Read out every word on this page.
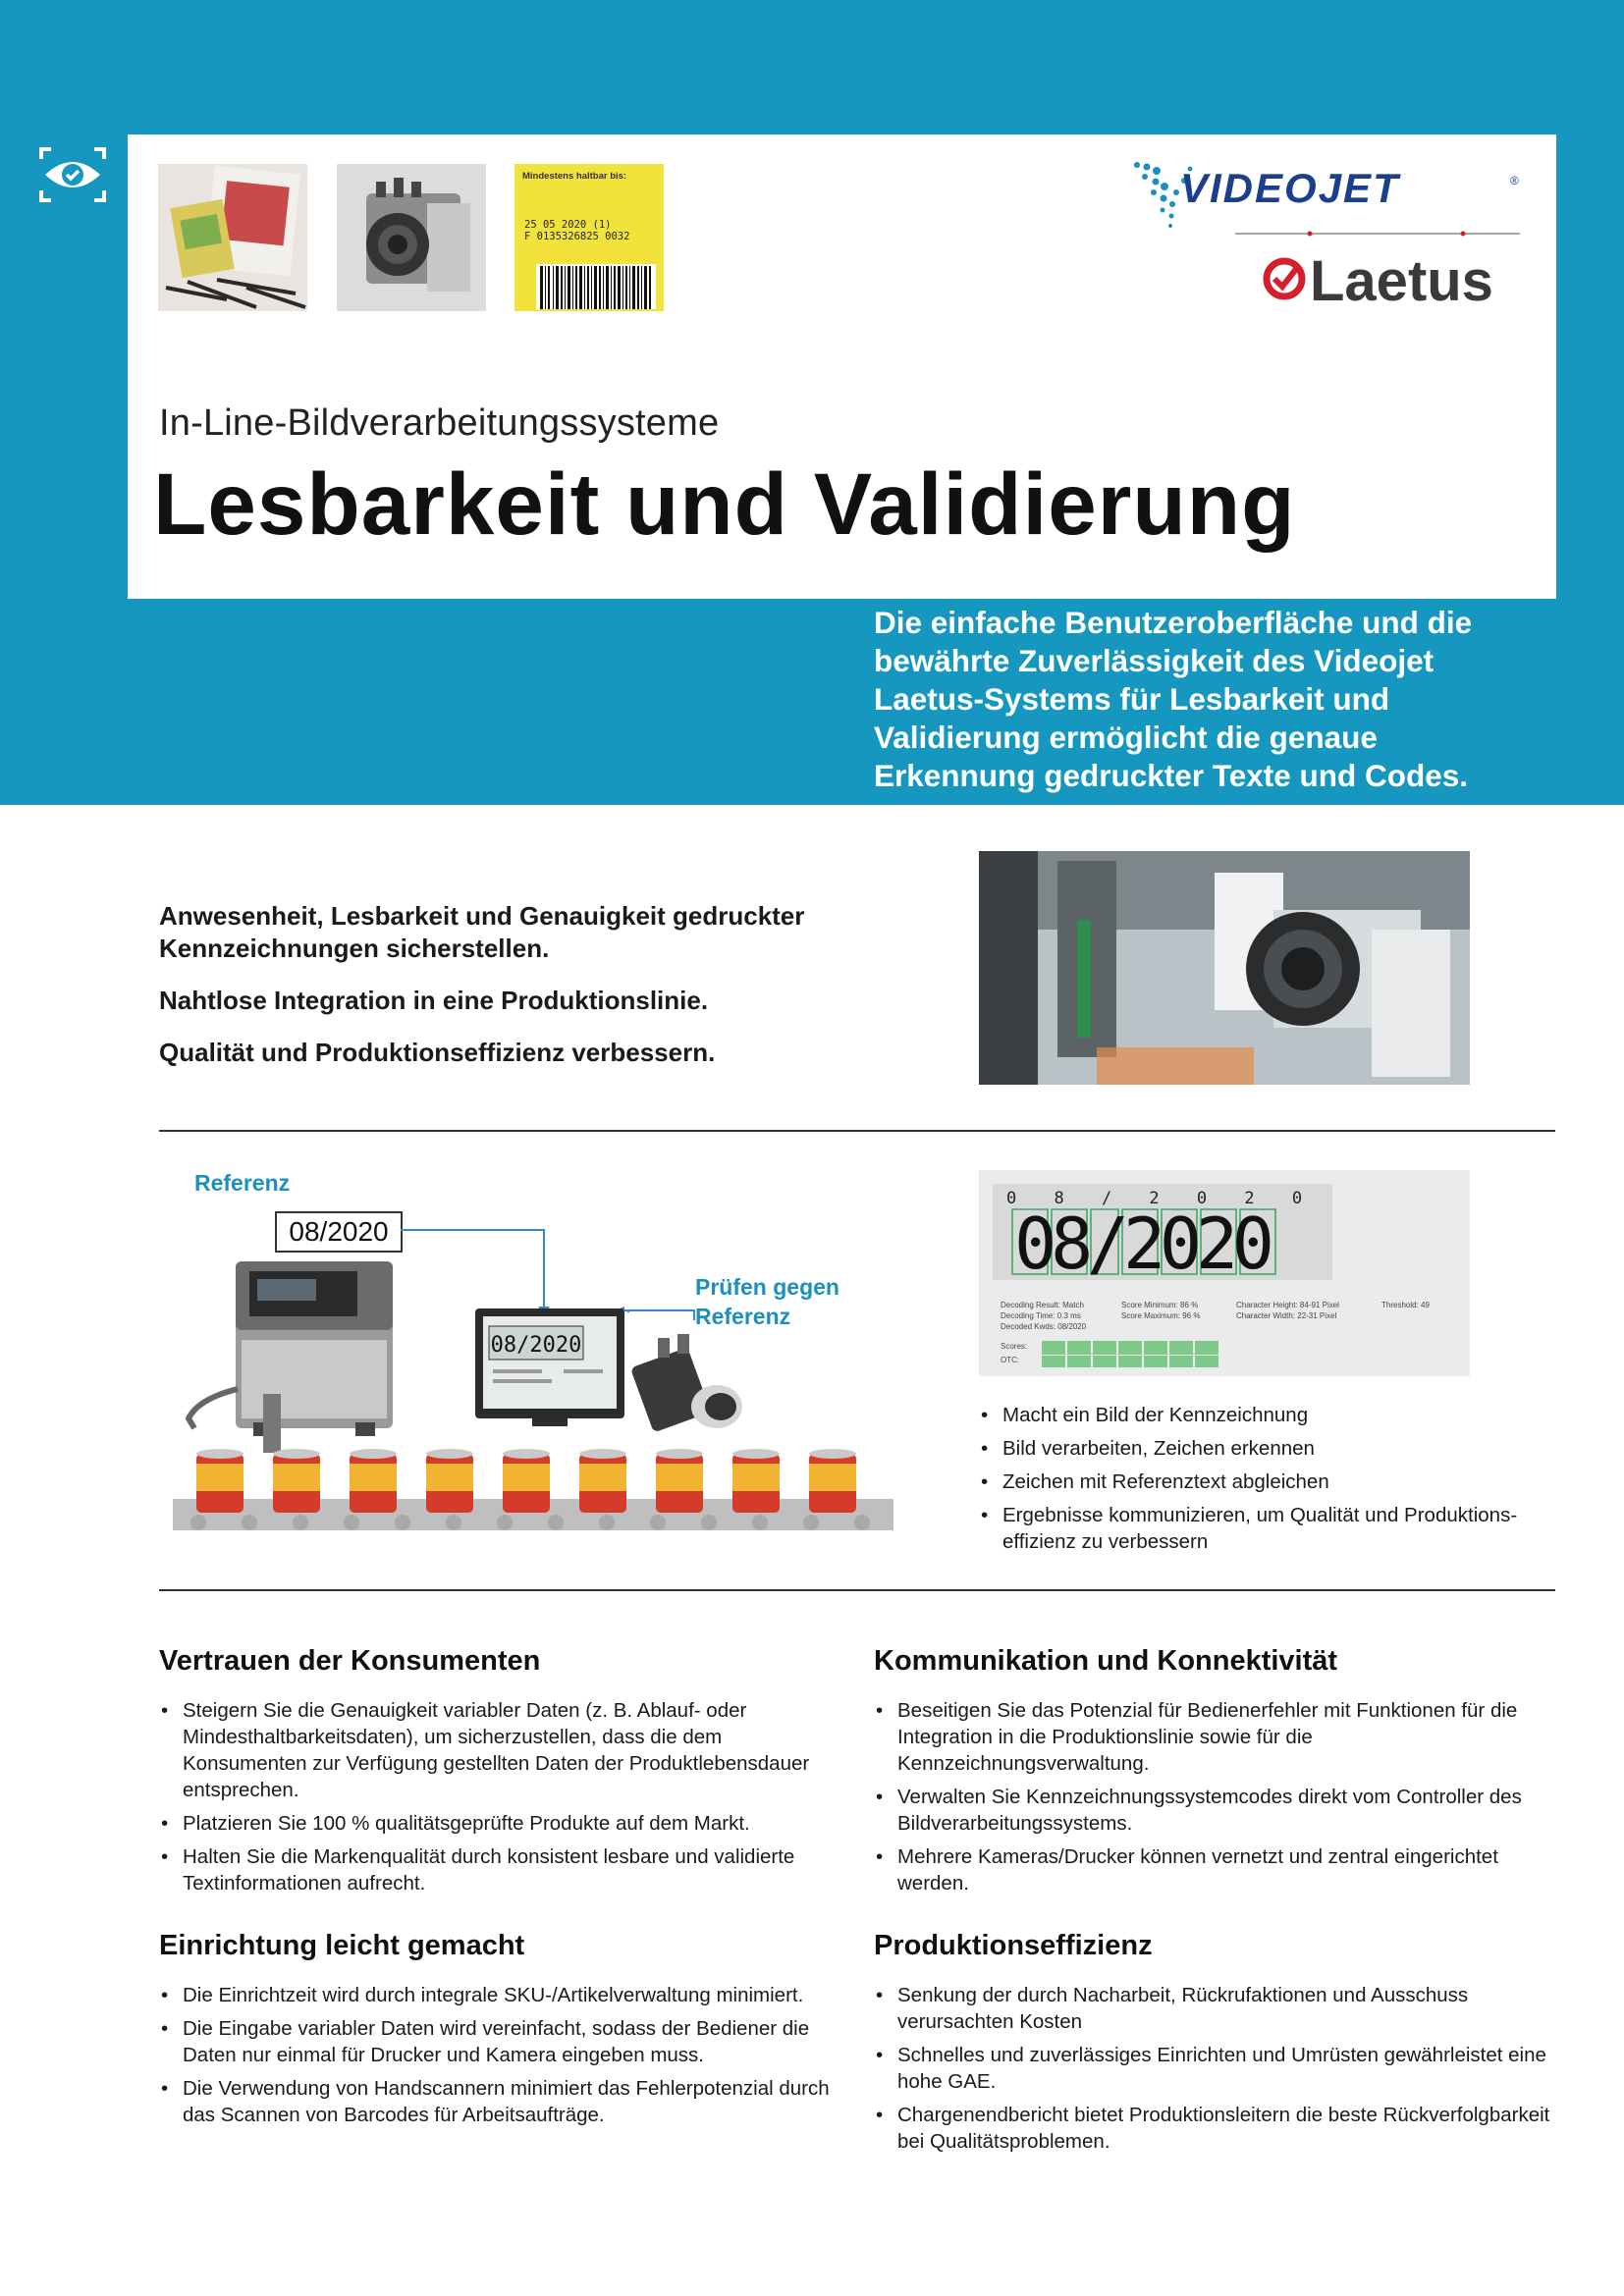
Mindestens haltbar bis:
25 05 2020 (1)
F 0135326825 0032
VIDEOJET	®
Laetus
In-Line-Bildverarbeitungssysteme
Lesbarkeit und Validierung
Die einfache Benutzeroberfläche und die bewährte Zuverlässigkeit des Videojet Laetus-Systems für Lesbarkeit und Validierung ermöglicht die genaue Erkennung gedruckter Texte und Codes.
Anwesenheit, Lesbarkeit und Genauigkeit gedruckter Kennzeichnungen sicherstellen.
Nahtlose Integration in eine Produktionslinie.
Qualität und Produktionseffizienz verbessern.
Referenz
08/2020
Prüfen gegen Referenz
08/2020
0 8 / 2 0 2 0
08/2020
Decoding Result: Match
Decoding Time: 0.3 ms
Decoded Kwds: 08/2020
Score Minimum: 86 %
Score Maximum: 96 %
Character Height: 84-91 Pixel
Character Width: 22-31 Pixel
Threshold: 49
Scores:
OTC:
• Macht ein Bild der Kennzeichnung
• Bild verarbeiten, Zeichen erkennen
• Zeichen mit Referenztext abgleichen
• Ergebnisse kommunizieren, um Qualität und Produktions-effizienz zu verbessern
Vertrauen der Konsumenten
• Steigern Sie die Genauigkeit variabler Daten (z. B. Ablauf- oder Mindesthaltbarkeitsdaten), um sicherzustellen, dass die dem Konsumenten zur Verfügung gestellten Daten der Produktlebensdauer entsprechen.
• Platzieren Sie 100 % qualitätsgeprüfte Produkte auf dem Markt.
• Halten Sie die Markenqualität durch konsistent lesbare und validierte Textinformationen aufrecht.
Kommunikation und Konnektivität
• Beseitigen Sie das Potenzial für Bedienerfehler mit Funktionen für die Integration in die Produktionslinie sowie für die Kennzeichnungsverwaltung.
• Verwalten Sie Kennzeichnungssystemcodes direkt vom Controller des Bildverarbeitungssystems.
• Mehrere Kameras/Drucker können vernetzt und zentral eingerichtet werden.
Einrichtung leicht gemacht
• Die Einrichtzeit wird durch integrale SKU-/Artikelverwaltung minimiert.
• Die Eingabe variabler Daten wird vereinfacht, sodass der Bediener die Daten nur einmal für Drucker und Kamera eingeben muss.
• Die Verwendung von Handscannern minimiert das Fehlerpotenzial durch das Scannen von Barcodes für Arbeitsaufträge.
Produktionseffizienz
• Senkung der durch Nacharbeit, Rückrufaktionen und Ausschuss verursachten Kosten
• Schnelles und zuverlässiges Einrichten und Umrüsten gewährleistet eine hohe GAE.
• Chargenendbericht bietet Produktionsleitern die beste Rückverfolgbarkeit bei Qualitätsproblemen.
